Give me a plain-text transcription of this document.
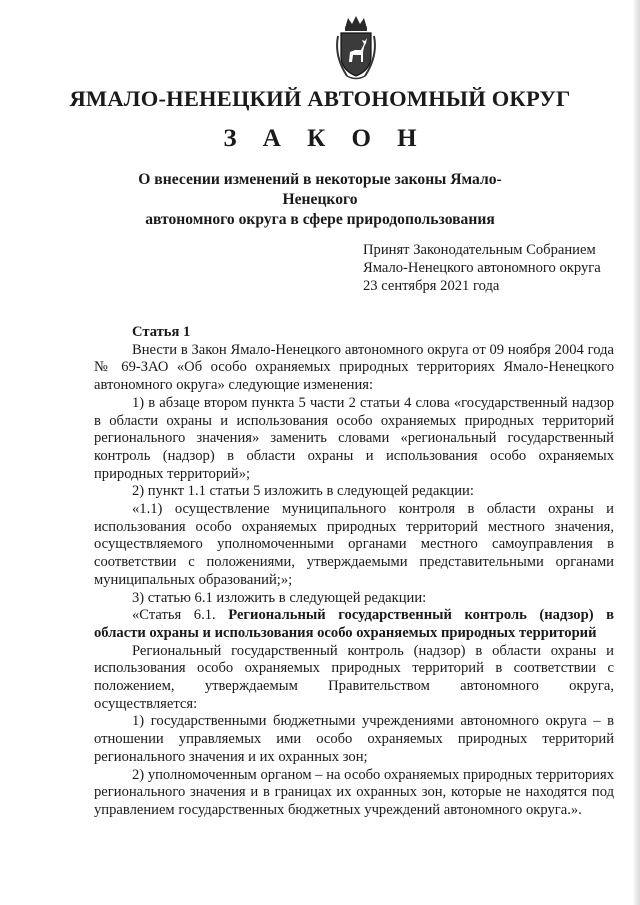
ЯМАЛО-НЕНЕЦКИЙ АВТОНОМНЫЙ ОКРУГ
З А К О Н
О внесении изменений в некоторые законы Ямало-Ненецкого
автономного округа в сфере природопользования
Принят Законодательным Собранием
Ямало-Ненецкого автономного округа
23 сентября 2021 года
Статья 1

Внести в Закон Ямало-Ненецкого автономного округа от 09 ноября 2004 года № 69-ЗАО «Об особо охраняемых природных территориях Ямало-Ненецкого автономного округа» следующие изменения:

1) в абзаце втором пункта 5 части 2 статьи 4 слова «государственный надзор в области охраны и использования особо охраняемых природных территорий регионального значения» заменить словами «региональный государственный контроль (надзор) в области охраны и использования особо охраняемых природных территорий»;

2) пункт 1.1 статьи 5 изложить в следующей редакции:

«1.1) осуществление муниципального контроля в области охраны и использования особо охраняемых природных территорий местного значения, осуществляемого уполномоченными органами местного самоуправления в соответствии с положениями, утверждаемыми представительными органами муниципальных образований;»;

3) статью 6.1 изложить в следующей редакции:

«Статья 6.1. Региональный государственный контроль (надзор) в области охраны и использования особо охраняемых природных территорий

Региональный государственный контроль (надзор) в области охраны и использования особо охраняемых природных территорий в соответствии с положением, утверждаемым Правительством автономного округа, осуществляется:

1) государственными бюджетными учреждениями автономного округа – в отношении управляемых ими особо охраняемых природных территорий регионального значения и их охранных зон;

2) уполномоченным органом – на особо охраняемых природных территориях регионального значения и в границах их охранных зон, которые не находятся под управлением государственных бюджетных учреждений автономного округа.».
